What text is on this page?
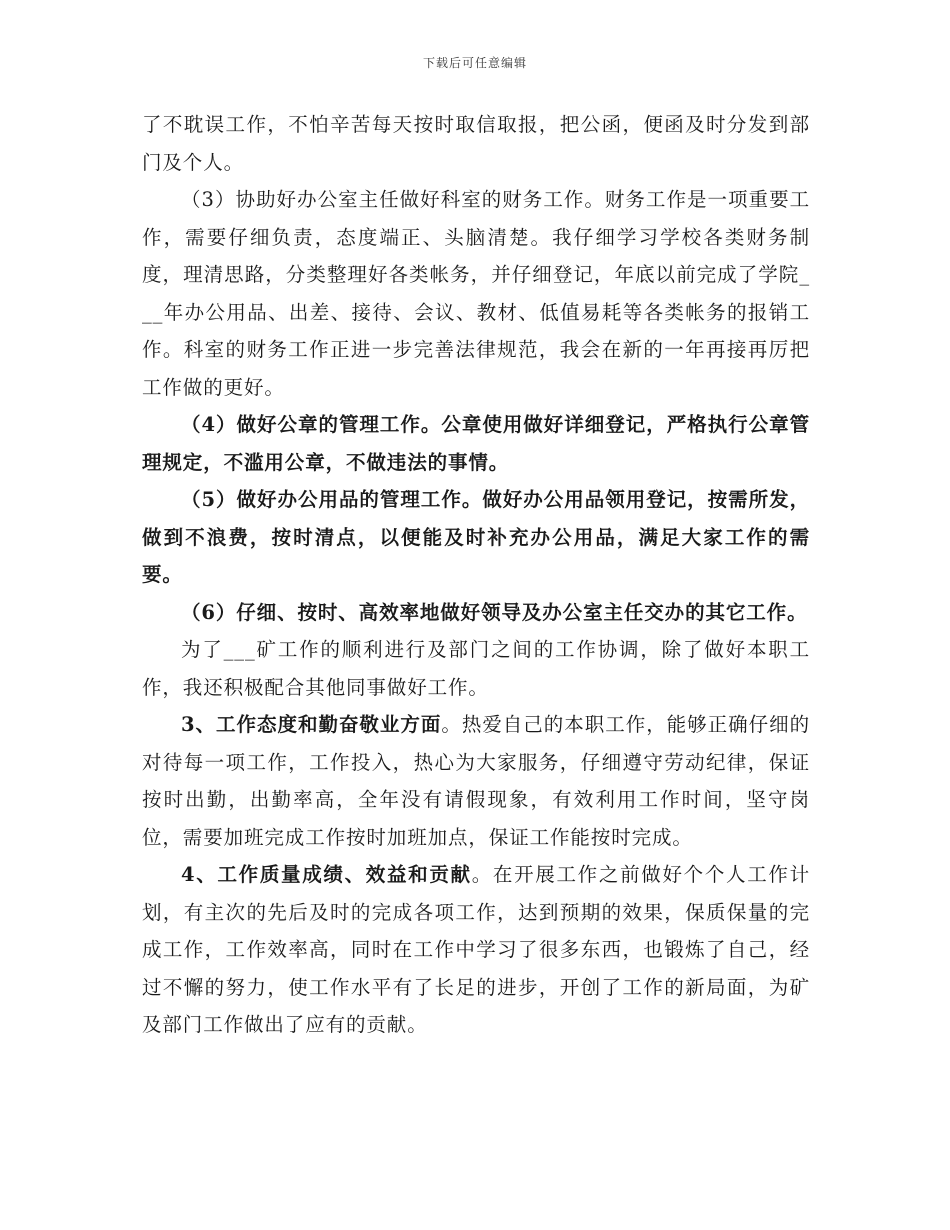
下载后可任意编辑

了不耽误工作，不怕辛苦每天按时取信取报，把公函，便函及时分发到部门及个人。

（3）协助好办公室主任做好科室的财务工作。财务工作是一项重要工作，需要仔细负责，态度端正、头脑清楚。我仔细学习学校各类财务制度，理清思路，分类整理好各类帐务，并仔细登记，年底以前完成了学院___年办公用品、出差、接待、会议、教材、低值易耗等各类帐务的报销工作。科室的财务工作正进一步完善法律规范，我会在新的一年再接再厉把工作做的更好。

（4）做好公章的管理工作。公章使用做好详细登记，严格执行公章管理规定，不滥用公章，不做违法的事情。

（5）做好办公用品的管理工作。做好办公用品领用登记，按需所发，做到不浪费，按时清点，以便能及时补充办公用品，满足大家工作的需要。

（6）仔细、按时、高效率地做好领导及办公室主任交办的其它工作。

为了___矿工作的顺利进行及部门之间的工作协调，除了做好本职工作，我还积极配合其他同事做好工作。

3、工作态度和勤奋敬业方面。热爱自己的本职工作，能够正确仔细的对待每一项工作，工作投入，热心为大家服务，仔细遵守劳动纪律，保证按时出勤，出勤率高，全年没有请假现象，有效利用工作时间，坚守岗位，需要加班完成工作按时加班加点，保证工作能按时完成。

4、工作质量成绩、效益和贡献。在开展工作之前做好个个人工作计划，有主次的先后及时的完成各项工作，达到预期的效果，保质保量的完成工作，工作效率高，同时在工作中学习了很多东西，也锻炼了自己，经过不懈的努力，使工作水平有了长足的进步，开创了工作的新局面，为矿及部门工作做出了应有的贡献。
